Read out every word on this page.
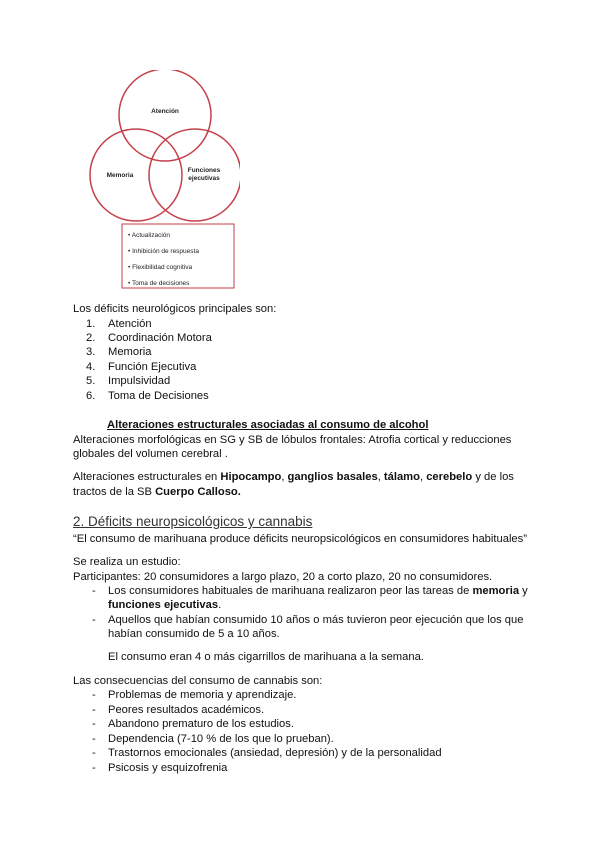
Atención
Memoria
Funciones
ejecutivas
• Actualización
• Inhibición de respuesta
• Flexibilidad cognitiva
• Toma de decisiones
Los déficits neurológicos principales son:
1. Atención
2. Coordinación Motora
3. Memoria
4. Función Ejecutiva
5. Impulsividad
6. Toma de Decisiones
Alteraciones estructurales asociadas al consumo de alcohol
Alteraciones morfológicas en SG y SB de lóbulos frontales: Atrofia cortical y reducciones
globales del volumen cerebral .
Alteraciones estructurales en Hipocampo, ganglios basales, tálamo, cerebelo y de los
tractos de la SB Cuerpo Calloso.
2. Déficits neuropsicológicos y cannabis
“El consumo de marihuana produce déficits neuropsicológicos en consumidores habituales”
Se realiza un estudio:
Participantes: 20 consumidores a largo plazo, 20 a corto plazo, 20 no consumidores.
- Los consumidores habituales de marihuana realizaron peor las tareas de memoria y
funciones ejecutivas.
- Aquellos que habían consumido 10 años o más tuvieron peor ejecución que los que
habían consumido de 5 a 10 años.
El consumo eran 4 o más cigarrillos de marihuana a la semana.
Las consecuencias del consumo de cannabis son:
- Problemas de memoria y aprendizaje.
- Peores resultados académicos.
- Abandono prematuro de los estudios.
- Dependencia (7-10 % de los que lo prueban).
- Trastornos emocionales (ansiedad, depresión) y de la personalidad
- Psicosis y esquizofrenia
